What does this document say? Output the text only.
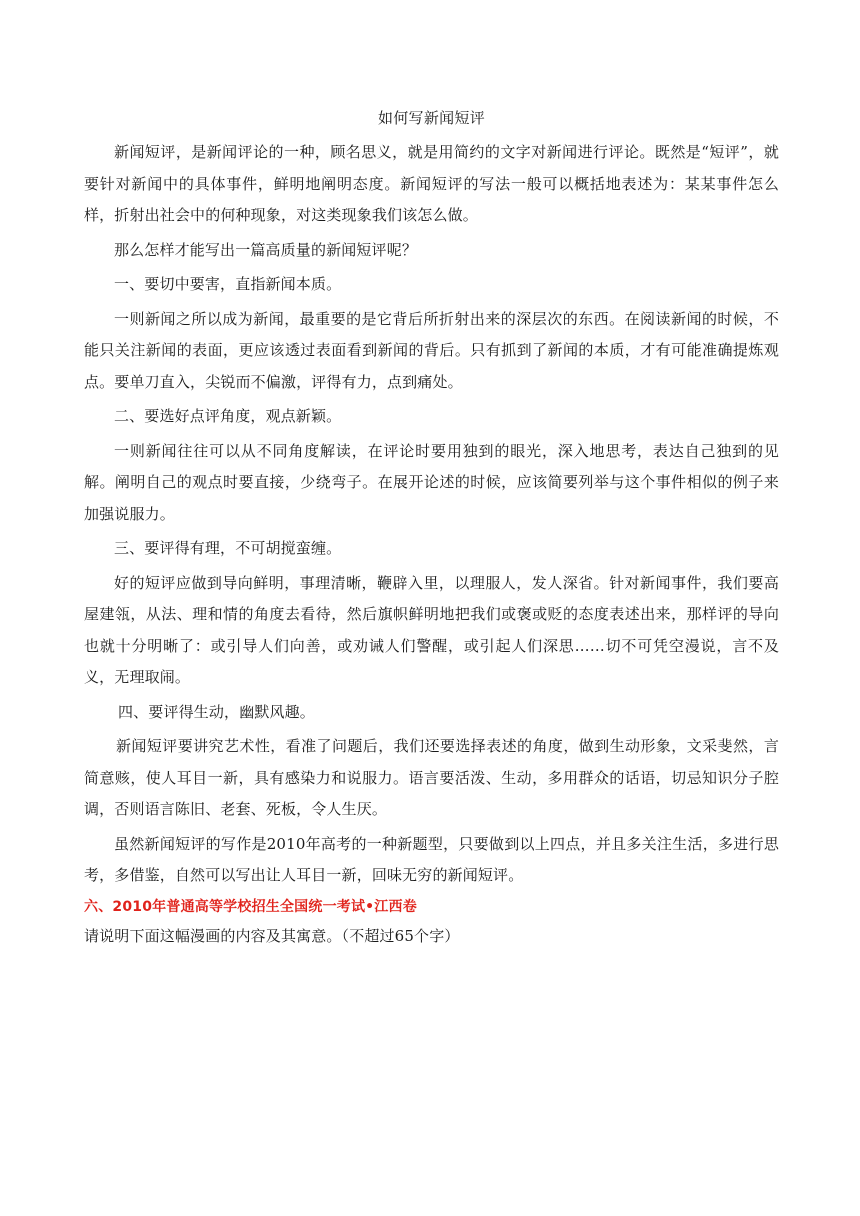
如何写新闻短评

新闻短评，是新闻评论的一种，顾名思义，就是用简约的文字对新闻进行评论。既然是“短评”，就要针对新闻中的具体事件，鲜明地阐明态度。新闻短评的写法一般可以概括地表述为：某某事件怎么样，折射出社会中的何种现象，对这类现象我们该怎么做。

那么怎样才能写出一篇高质量的新闻短评呢？

一、要切中要害，直指新闻本质。

一则新闻之所以成为新闻，最重要的是它背后所折射出来的深层次的东西。在阅读新闻的时候，不能只关注新闻的表面，更应该透过表面看到新闻的背后。只有抓到了新闻的本质，才有可能准确提炼观点。要单刀直入，尖锐而不偏激，评得有力，点到痛处。

二、要选好点评角度，观点新颖。

一则新闻往往可以从不同角度解读，在评论时要用独到的眼光，深入地思考，表达自己独到的见解。阐明自己的观点时要直接，少绕弯子。在展开论述的时候，应该简要列举与这个事件相似的例子来加强说服力。

三、要评得有理，不可胡搅蛮缠。

好的短评应做到导向鲜明，事理清晰，鞭辟入里，以理服人，发人深省。针对新闻事件，我们要高屋建瓴，从法、理和情的角度去看待，然后旗帜鲜明地把我们或褒或贬的态度表述出来，那样评的导向也就十分明晰了：或引导人们向善，或劝诫人们警醒，或引起人们深思……切不可凭空漫说，言不及义，无理取闹。

四、要评得生动，幽默风趣。

新闻短评要讲究艺术性，看准了问题后，我们还要选择表述的角度，做到生动形象，文采斐然，言简意赅，使人耳目一新，具有感染力和说服力。语言要活泼、生动，多用群众的话语，切忌知识分子腔调，否则语言陈旧、老套、死板，令人生厌。

虽然新闻短评的写作是2010年高考的一种新题型，只要做到以上四点，并且多关注生活，多进行思考，多借鉴，自然可以写出让人耳目一新，回味无穷的新闻短评。

六、2010年普通高等学校招生全国统一考试•江西卷

请说明下面这幅漫画的内容及其寓意。（不超过65个字）
